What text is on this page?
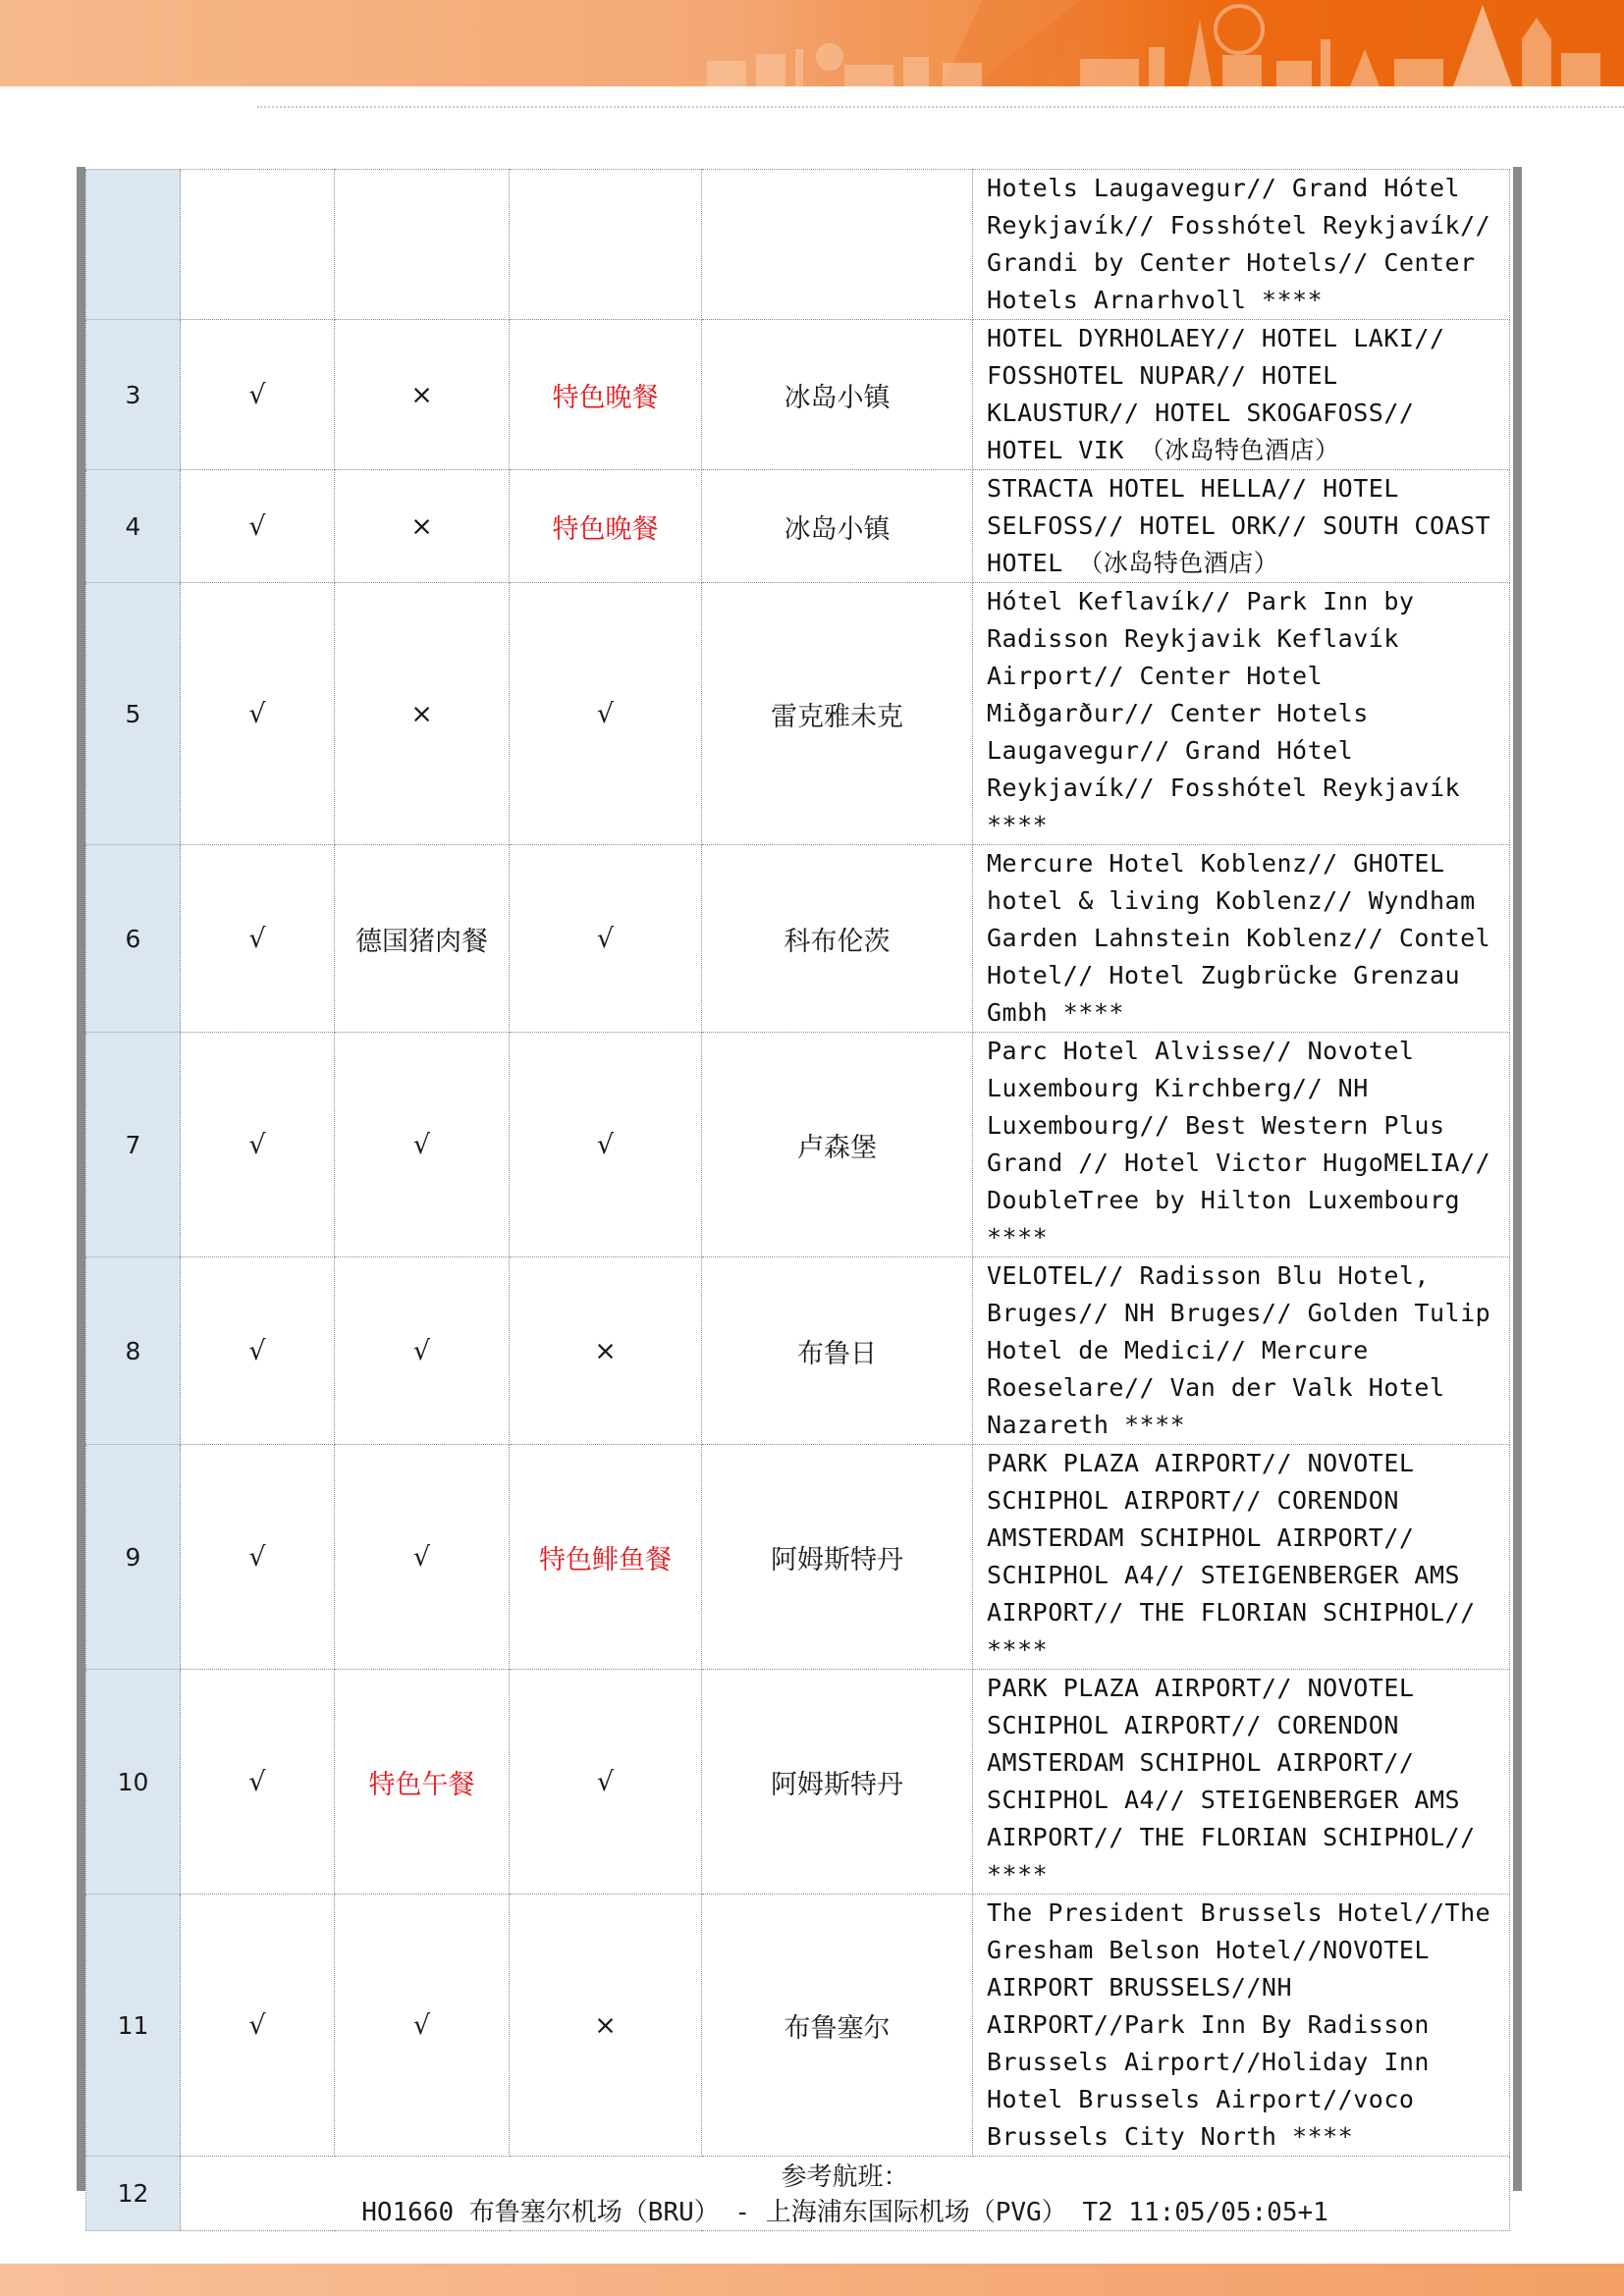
					Hotels Laugavegur// Grand Hótel Reykjavík// Fosshótel Reykjavík// Grandi by Center Hotels// Center Hotels Arnarhvoll ****
3	√	×	特色晚餐	冰岛小镇	HOTEL DYRHOLAEY// HOTEL LAKI// FOSSHOTEL NUPAR// HOTEL KLAUSTUR// HOTEL SKOGAFOSS// HOTEL VIK （冰岛特色酒店）
4	√	×	特色晚餐	冰岛小镇	STRACTA HOTEL HELLA// HOTEL SELFOSS// HOTEL ORK// SOUTH COAST HOTEL （冰岛特色酒店）
5	√	×	√	雷克雅未克	Hótel Keflavík// Park Inn by Radisson Reykjavik Keflavík Airport// Center Hotel Miðgarður// Center Hotels Laugavegur// Grand Hótel Reykjavík// Fosshótel Reykjavík ****
6	√	德国猪肉餐	√	科布伦茨	Mercure Hotel Koblenz// GHOTEL hotel & living Koblenz// Wyndham Garden Lahnstein Koblenz// Contel Hotel// Hotel Zugbrücke Grenzau Gmbh ****
7	√	√	√	卢森堡	Parc Hotel Alvisse// Novotel Luxembourg Kirchberg// NH Luxembourg// Best Western Plus Grand // Hotel Victor HugoMELIA// DoubleTree by Hilton Luxembourg ****
8	√	√	×	布鲁日	VELOTEL// Radisson Blu Hotel, Bruges// NH Bruges// Golden Tulip Hotel de Medici// Mercure Roeselare// Van der Valk Hotel Nazareth ****
9	√	√	特色鲱鱼餐	阿姆斯特丹	PARK PLAZA AIRPORT// NOVOTEL SCHIPHOL AIRPORT// CORENDON AMSTERDAM SCHIPHOL AIRPORT// SCHIPHOL A4// STEIGENBERGER AMS AIRPORT// THE FLORIAN SCHIPHOL// ****
10	√	特色午餐	√	阿姆斯特丹	PARK PLAZA AIRPORT// NOVOTEL SCHIPHOL AIRPORT// CORENDON AMSTERDAM SCHIPHOL AIRPORT// SCHIPHOL A4// STEIGENBERGER AMS AIRPORT// THE FLORIAN SCHIPHOL// ****
11	√	√	×	布鲁塞尔	The President Brussels Hotel//The Gresham Belson Hotel//NOVOTEL AIRPORT BRUSSELS//NH AIRPORT//Park Inn By Radisson Brussels Airport//Holiday Inn Hotel Brussels Airport//voco Brussels City North ****
12	参考航班：
HO1660 布鲁塞尔机场（BRU） - 上海浦东国际机场（PVG） T2 11:05/05:05+1				
